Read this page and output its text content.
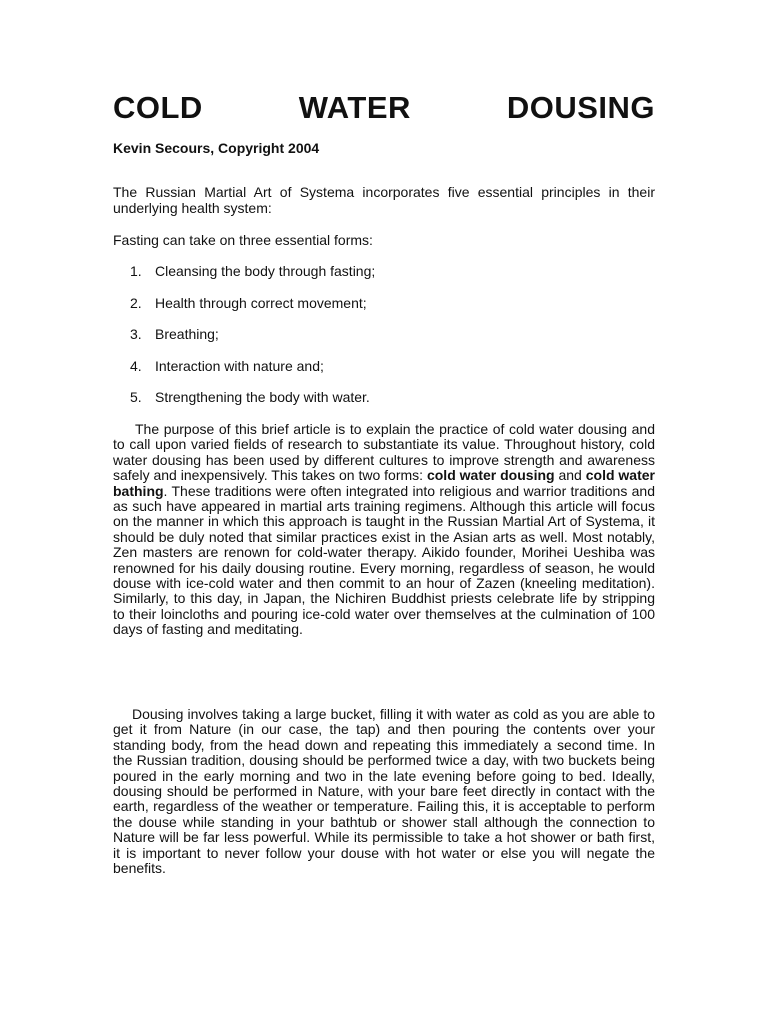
COLD	WATER	DOUSING
Kevin Secours, Copyright 2004
The Russian Martial Art of Systema incorporates five essential principles in their underlying health system:
Fasting can take on three essential forms:
1. Cleansing the body through fasting;
2. Health through correct movement;
3. Breathing;
4. Interaction with nature and;
5. Strengthening the body with water.
The purpose of this brief article is to explain the practice of cold water dousing and to call upon varied fields of research to substantiate its value. Throughout history, cold water dousing has been used by different cultures to improve strength and awareness safely and inexpensively. This takes on two forms: cold water dousing and cold water bathing. These traditions were often integrated into religious and warrior traditions and as such have appeared in martial arts training regimens. Although this article will focus on the manner in which this approach is taught in the Russian Martial Art of Systema, it should be duly noted that similar practices exist in the Asian arts as well. Most notably, Zen masters are renown for cold-water therapy. Aikido founder, Morihei Ueshiba was renowned for his daily dousing routine. Every morning, regardless of season, he would douse with ice-cold water and then commit to an hour of Zazen (kneeling meditation). Similarly, to this day, in Japan, the Nichiren Buddhist priests celebrate life by stripping to their loincloths and pouring ice-cold water over themselves at the culmination of 100 days of fasting and meditating.
Dousing involves taking a large bucket, filling it with water as cold as you are able to get it from Nature (in our case, the tap) and then pouring the contents over your standing body, from the head down and repeating this immediately a second time. In the Russian tradition, dousing should be performed twice a day, with two buckets being poured in the early morning and two in the late evening before going to bed. Ideally, dousing should be performed in Nature, with your bare feet directly in contact with the earth, regardless of the weather or temperature. Failing this, it is acceptable to perform the douse while standing in your bathtub or shower stall although the connection to Nature will be far less powerful. While its permissible to take a hot shower or bath first, it is important to never follow your douse with hot water or else you will negate the benefits.
